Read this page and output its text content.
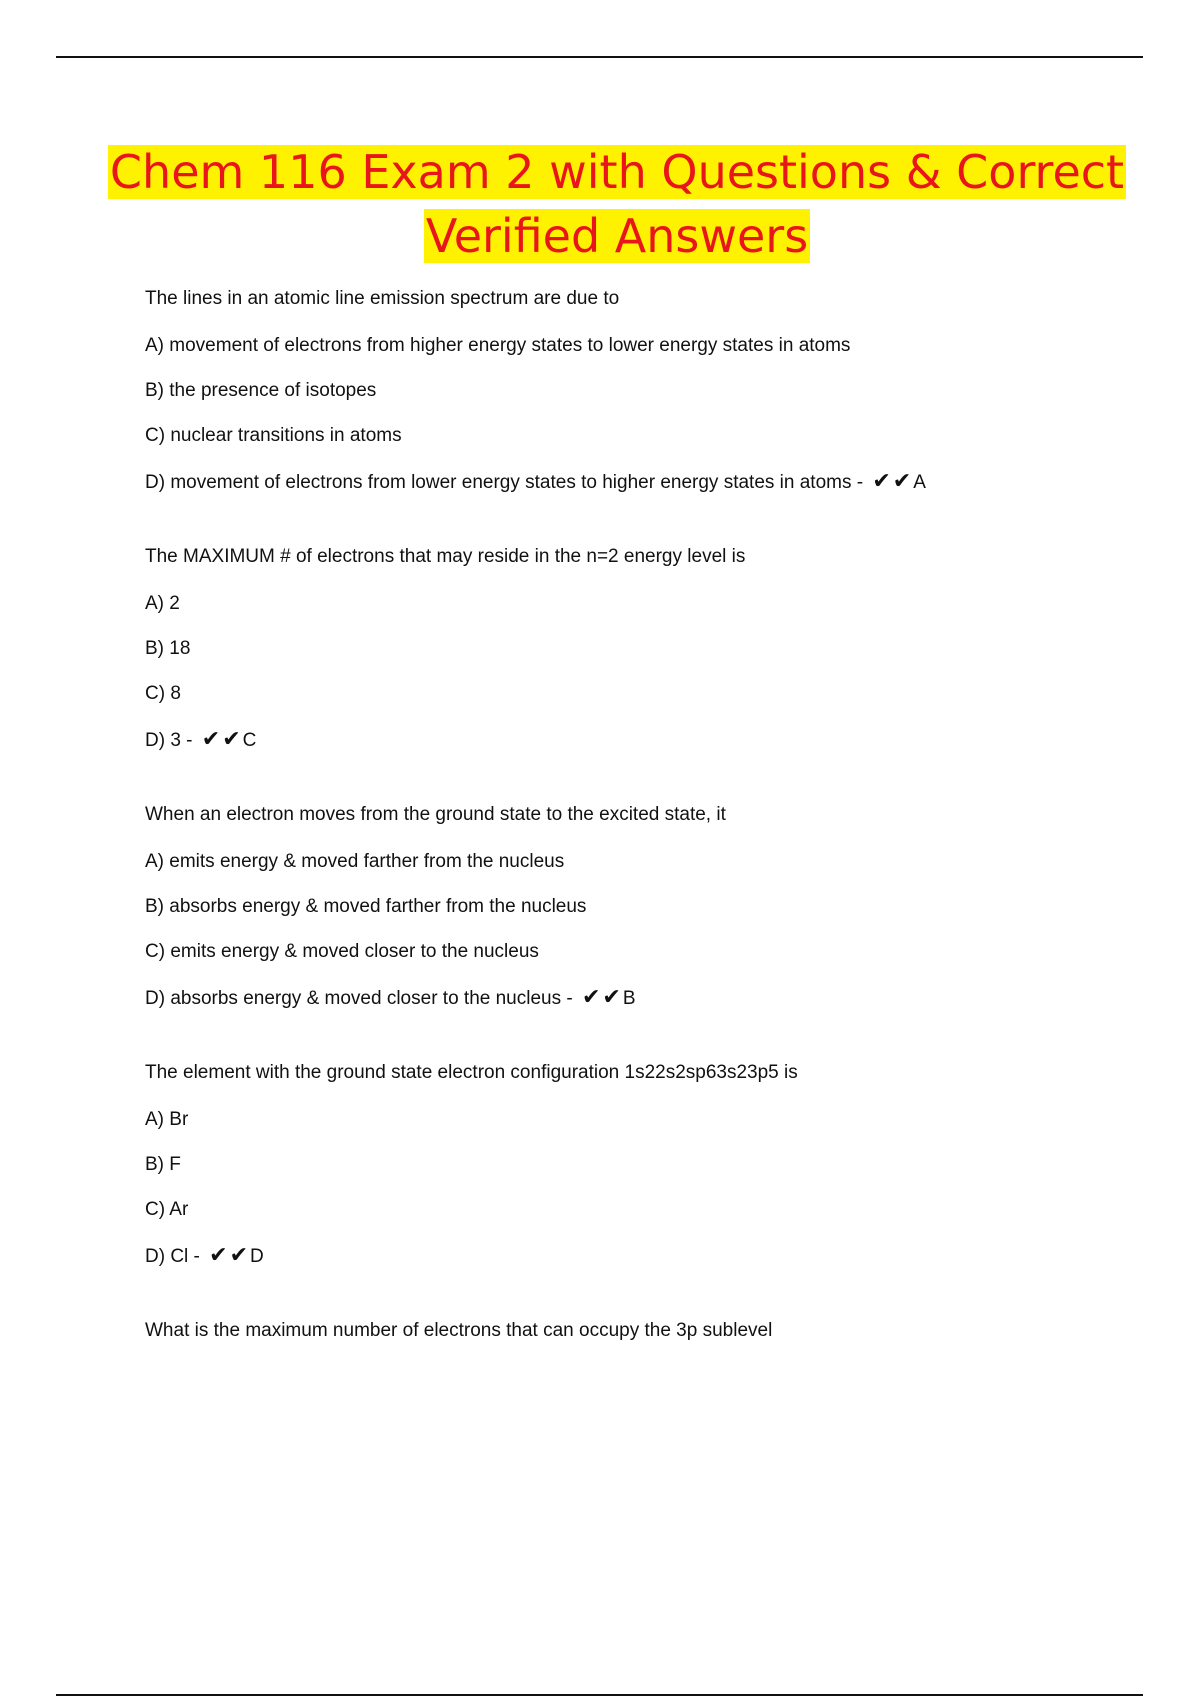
Chem 116 Exam 2 with Questions & Correct
Verified Answers

The lines in an atomic line emission spectrum are due to

A) movement of electrons from higher energy states to lower energy states in atoms

B) the presence of isotopes

C) nuclear transitions in atoms

D) movement of electrons from lower energy states to higher energy states in atoms - ✔✔A

The MAXIMUM # of electrons that may reside in the n=2 energy level is

A) 2

B) 18

C) 8

D) 3 - ✔✔C

When an electron moves from the ground state to the excited state, it

A) emits energy & moved farther from the nucleus

B) absorbs energy & moved farther from the nucleus

C) emits energy & moved closer to the nucleus

D) absorbs energy & moved closer to the nucleus - ✔✔B

The element with the ground state electron configuration 1s22s2sp63s23p5 is

A) Br

B) F

C) Ar

D) Cl - ✔✔D

What is the maximum number of electrons that can occupy the 3p sublevel
